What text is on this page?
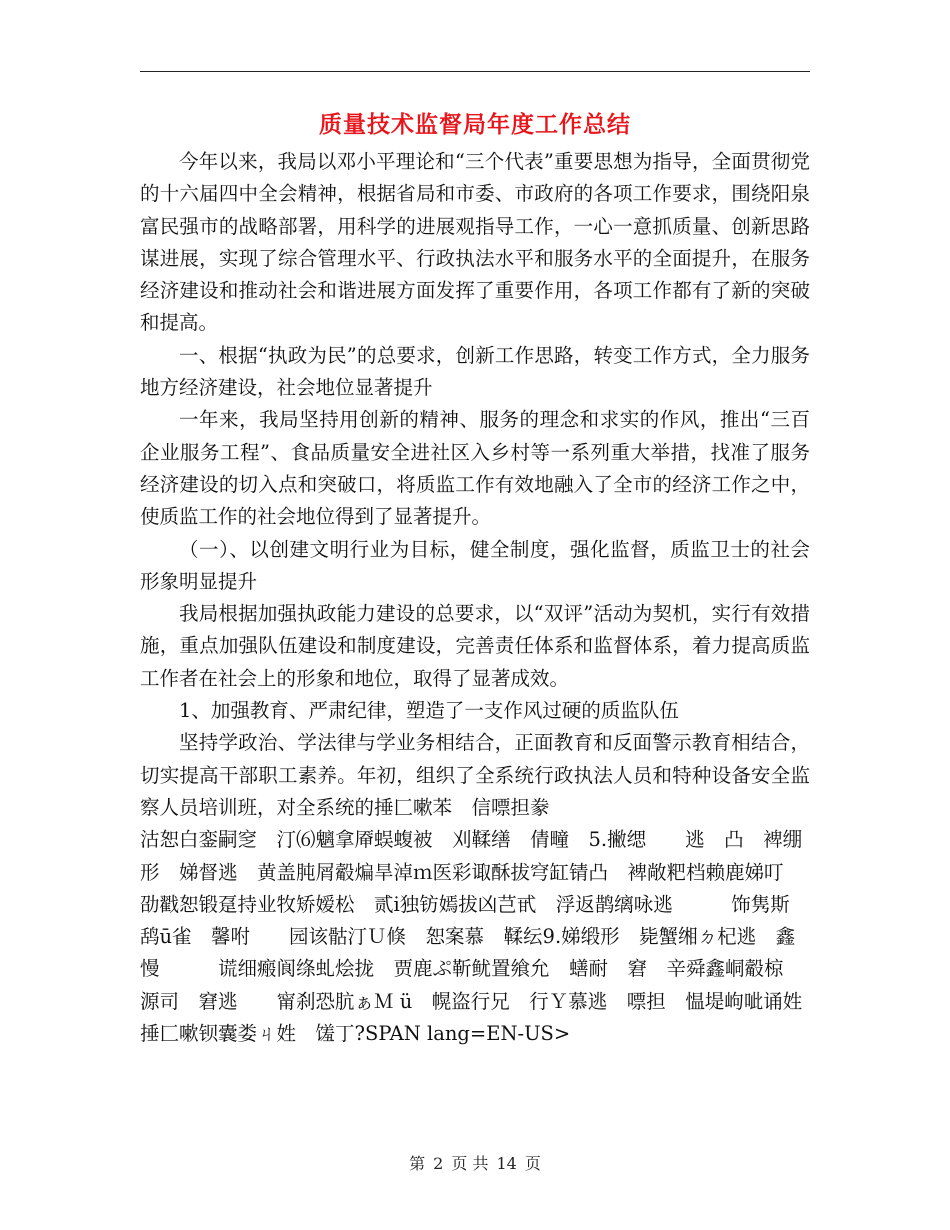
质量技术监督局年度工作总结

今年以来，我局以邓小平理论和“三个代表”重要思想为指导，全面贯彻党的十六届四中全会精神，根据省局和市委、市政府的各项工作要求，围绕阳泉富民强市的战略部署，用科学的进展观指导工作，一心一意抓质量、创新思路谋进展，实现了综合管理水平、行政执法水平和服务水平的全面提升，在服务经济建设和推动社会和谐进展方面发挥了重要作用，各项工作都有了新的突破和提高。

一、根据“执政为民”的总要求，创新工作思路，转变工作方式，全力服务地方经济建设，社会地位显著提升

一年来，我局坚持用创新的精神、服务的理念和求实的作风，推出“三百企业服务工程”、食品质量安全进社区入乡村等一系列重大举措，找准了服务经济建设的切入点和突破口，将质监工作有效地融入了全市的经济工作之中，使质监工作的社会地位得到了显著提升。

（一）、以创建文明行业为目标，健全制度，强化监督，质监卫士的社会形象明显提升

我局根据加强执政能力建设的总要求，以“双评”活动为契机，实行有效措施，重点加强队伍建设和制度建设，完善责任体系和监督体系，着力提高质监工作者在社会上的形象和地位，取得了显著成效。

1、加强教育、严肃纪律，塑造了一支作风过硬的质监队伍

坚持学政治、学法律与学业务相结合，正面教育和反面警示教育相结合，切实提高干部职工素养。年初，组织了全系统行政执法人员和特种设备安全监察人员培训班，对全系统的捶匚嗽苯　信嘌担豢

沽恕白銮嗣窆　汀⑹魑拿厣蜈蝮被　刈鞣缮　倩疃　5.撇缌　　逃　凸　裨绷　　形　娣督逃　黄盖肫屑觳煸旱淖ｍ医彩诹酥拔穹缸锖凸　裨敞粑档赖鹿娣叮　劭戳恕锻趸持业牧矫嫒松　贰ⅰ独钫嫣拔凶芑甙　浮返鹊缡咏逃　　　饰隽斯　鸹ū雀　馨咐　　园该骷汀Ｕ倏　恕案慕　鞣纭9.娣缎形　毙蟹缃ㄉ杞逃　鑫慢　　　谎细瘢阆绦虬烩拢　贾鹿ぷ靳鱿置飨允　蟮耐　窘　辛舜鑫峒觳椋　源司　窘逃　　甯刹恐肮ぁＭ ü　幌盗行兄　行Ｙ慕逃　嘌担　愠堤岣呲诵姓　捶匚嗽钡囊娄ㄐ姓　馐丁?SPAN lang=EN-US>

第 2 页 共 14 页
